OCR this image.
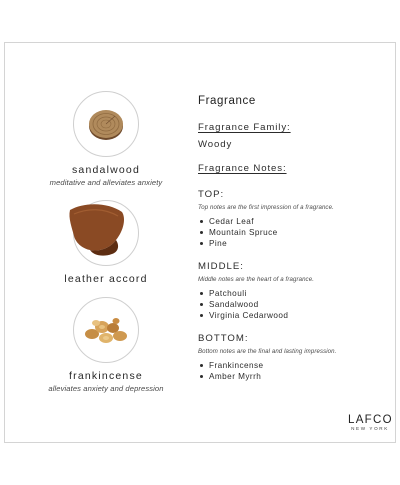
sandalwood
meditative and alleviates anxiety
leather accord
frankincense
alleviates anxiety and depression
Fragrance
Fragrance Family:
Woody
Fragrance Notes:
TOP:
Top notes are the first impression of a fragrance.
Cedar Leaf
Mountain Spruce
Pine
MIDDLE:
Middle notes are the heart of a fragrance.
Patchouli
Sandalwood
Virginia Cedarwood
BOTTOM:
Bottom notes are the final and lasting impression.
Frankincense
Amber Myrrh
LAFCO
NEW YORK
